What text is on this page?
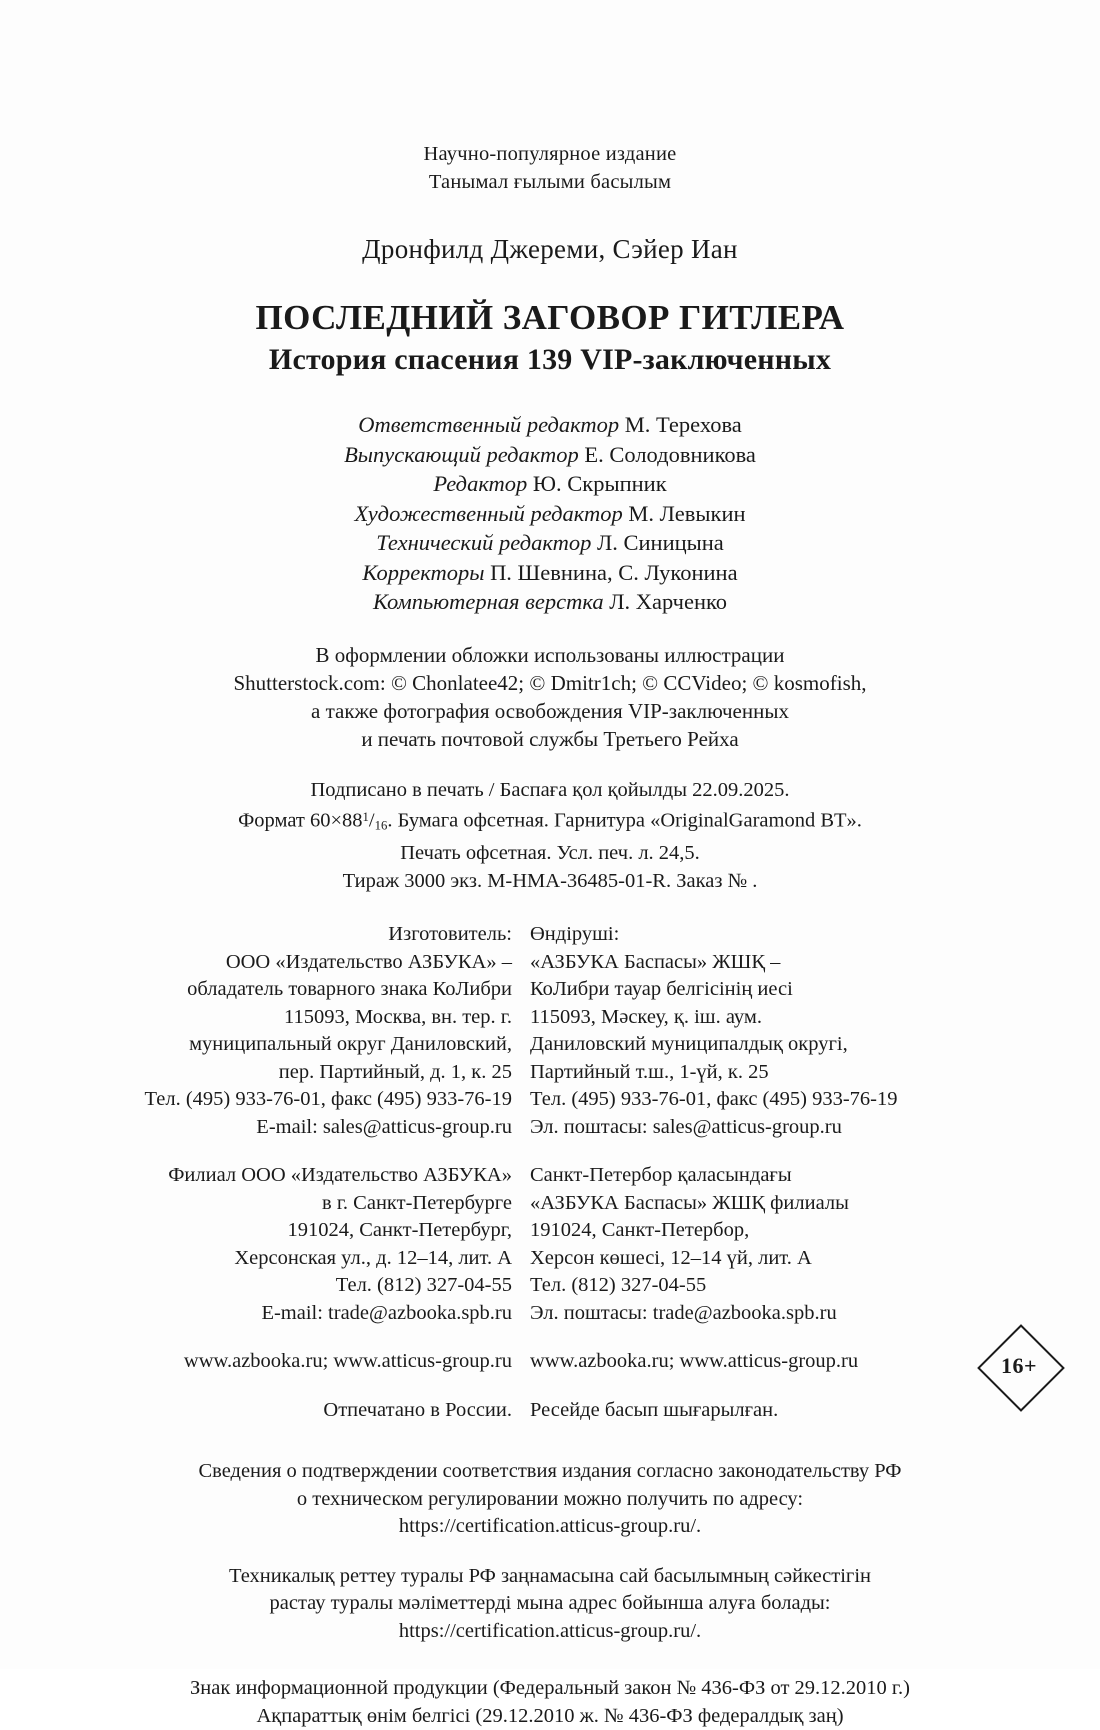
Научно-популярное издание
Танымал ғылыми басылым
Дронфилд Джереми, Сэйер Иан
ПОСЛЕДНИЙ ЗАГОВОР ГИТЛЕРА
История спасения 139 VIP-заключенных
Ответственный редактор М. Терехова
Выпускающий редактор Е. Солодовникова
Редактор Ю. Скрыпник
Художественный редактор М. Левыкин
Технический редактор Л. Синицына
Корректоры П. Шевнина, С. Луконина
Компьютерная верстка Л. Харченко
В оформлении обложки использованы иллюстрации
Shutterstock.com: © Chonlatee42; © Dmitr1ch; © CCVideo; © kosmofish,
а также фотография освобождения VIP-заключенных
и печать почтовой службы Третьего Рейха
Подписано в печать / Баспаға қол қойылды 22.09.2025.
Формат $60\times 88^1/_{16}$. Бумага офсетная. Гарнитура «OriginalGaramond BT».
Печать офсетная. Усл. печ. л. 24,5.
Тираж 3000 экз. M-HMA-36485-01-R. Заказ № .
Изготовитель:
ООО «Издательство АЗБУКА» –
обладатель товарного знака КоЛибри
115093, Москва, вн. тер. г.
муниципальный округ Даниловский,
пер. Партийный, д. 1, к. 25
Тел. (495) 933-76-01, факс (495) 933-76-19
E-mail: sales@atticus-group.ru
Өндіруші:
«АЗБУКА Баспасы» ЖШҚ –
КоЛибри тауар белгісінің иесі
115093, Мәскеу, қ. іш. аум.
Даниловский муниципалдық округі,
Партийный т.ш., 1-үй, к. 25
Тел. (495) 933-76-01, факс (495) 933-76-19
Эл. поштасы: sales@atticus-group.ru
Филиал ООО «Издательство АЗБУКА»
в г. Санкт-Петербурге
191024, Санкт-Петербург,
Херсонская ул., д. 12–14, лит. А
Тел. (812) 327-04-55
E-mail: trade@azbooka.spb.ru
Санкт-Петербор қаласындағы
«АЗБУКА Баспасы» ЖШҚ филиалы
191024, Санкт-Петербор,
Херсон көшесі, 12–14 үй, лит. А
Тел. (812) 327-04-55
Эл. поштасы: trade@azbooka.spb.ru
www.azbooka.ru; www.atticus-group.ru www.azbooka.ru; www.atticus-group.ru
Отпечатано в России. Ресейде басып шығарылған.
Сведения о подтверждении соответствия издания согласно законодательству РФ
о техническом регулировании можно получить по адресу:
https://certification.atticus-group.ru/.
Техникалық реттеу туралы РФ заңнамасына сай басылымның сәйкестігін
растау туралы мәліметтерді мына адрес бойынша алуға болады:
https://certification.atticus-group.ru/.
Знак информационной продукции (Федеральный закон № 436-ФЗ от 29.12.2010 г.)
Ақпараттық өнім белгісі (29.12.2010 ж. № 436-ФЗ федералдық заң)
16+
